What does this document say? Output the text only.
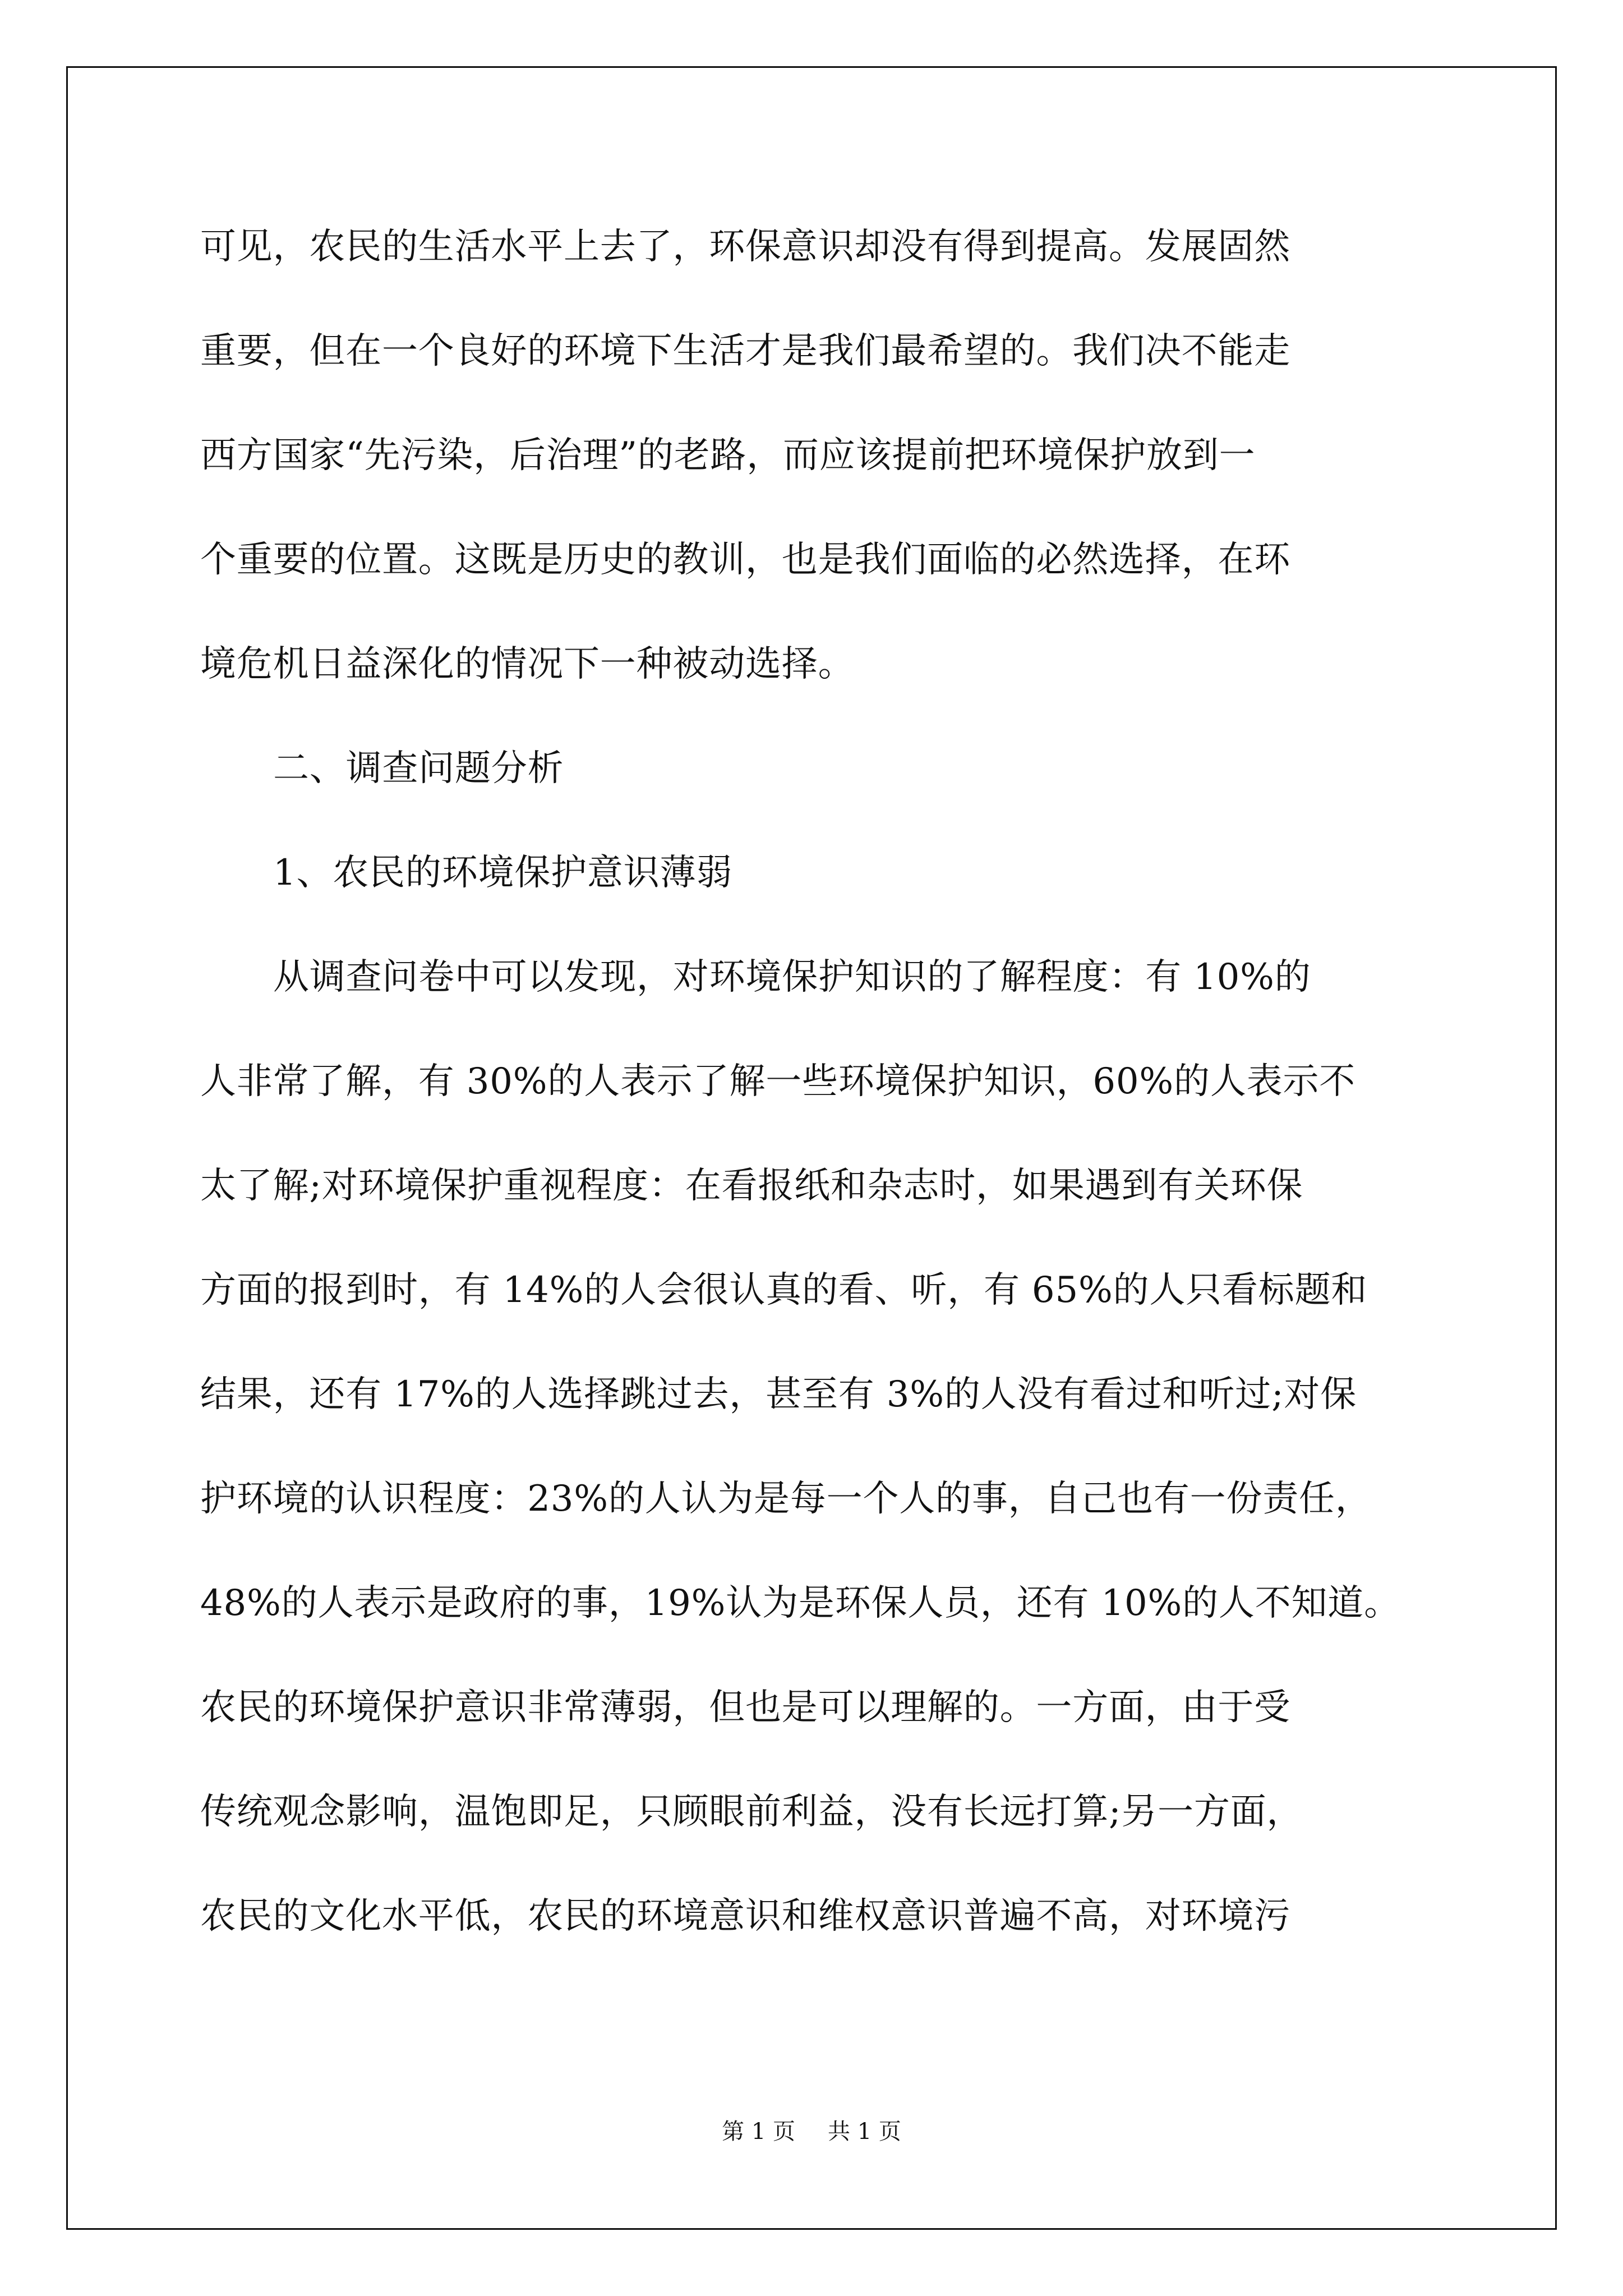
可见，农民的生活水平上去了，环保意识却没有得到提高。发展固然

重要，但在一个良好的环境下生活才是我们最希望的。我们决不能走

西方国家“先污染，后治理”的老路，而应该提前把环境保护放到一

个重要的位置。这既是历史的教训，也是我们面临的必然选择，在环

境危机日益深化的情况下一种被动选择。

二、调查问题分析

1、农民的环境保护意识薄弱

从调查问卷中可以发现，对环境保护知识的了解程度：有 10%的

人非常了解，有 30%的人表示了解一些环境保护知识，60%的人表示不

太了解;对环境保护重视程度：在看报纸和杂志时，如果遇到有关环保

方面的报到时，有 14%的人会很认真的看、听，有 65%的人只看标题和

结果，还有 17%的人选择跳过去，甚至有 3%的人没有看过和听过;对保

护环境的认识程度：23%的人认为是每一个人的事，自己也有一份责任，

48%的人表示是政府的事，19%认为是环保人员，还有 10%的人不知道。

农民的环境保护意识非常薄弱，但也是可以理解的。一方面，由于受

传统观念影响，温饱即足，只顾眼前利益，没有长远打算;另一方面，

农民的文化水平低，农民的环境意识和维权意识普遍不高，对环境污

第 1 页 共 1 页
